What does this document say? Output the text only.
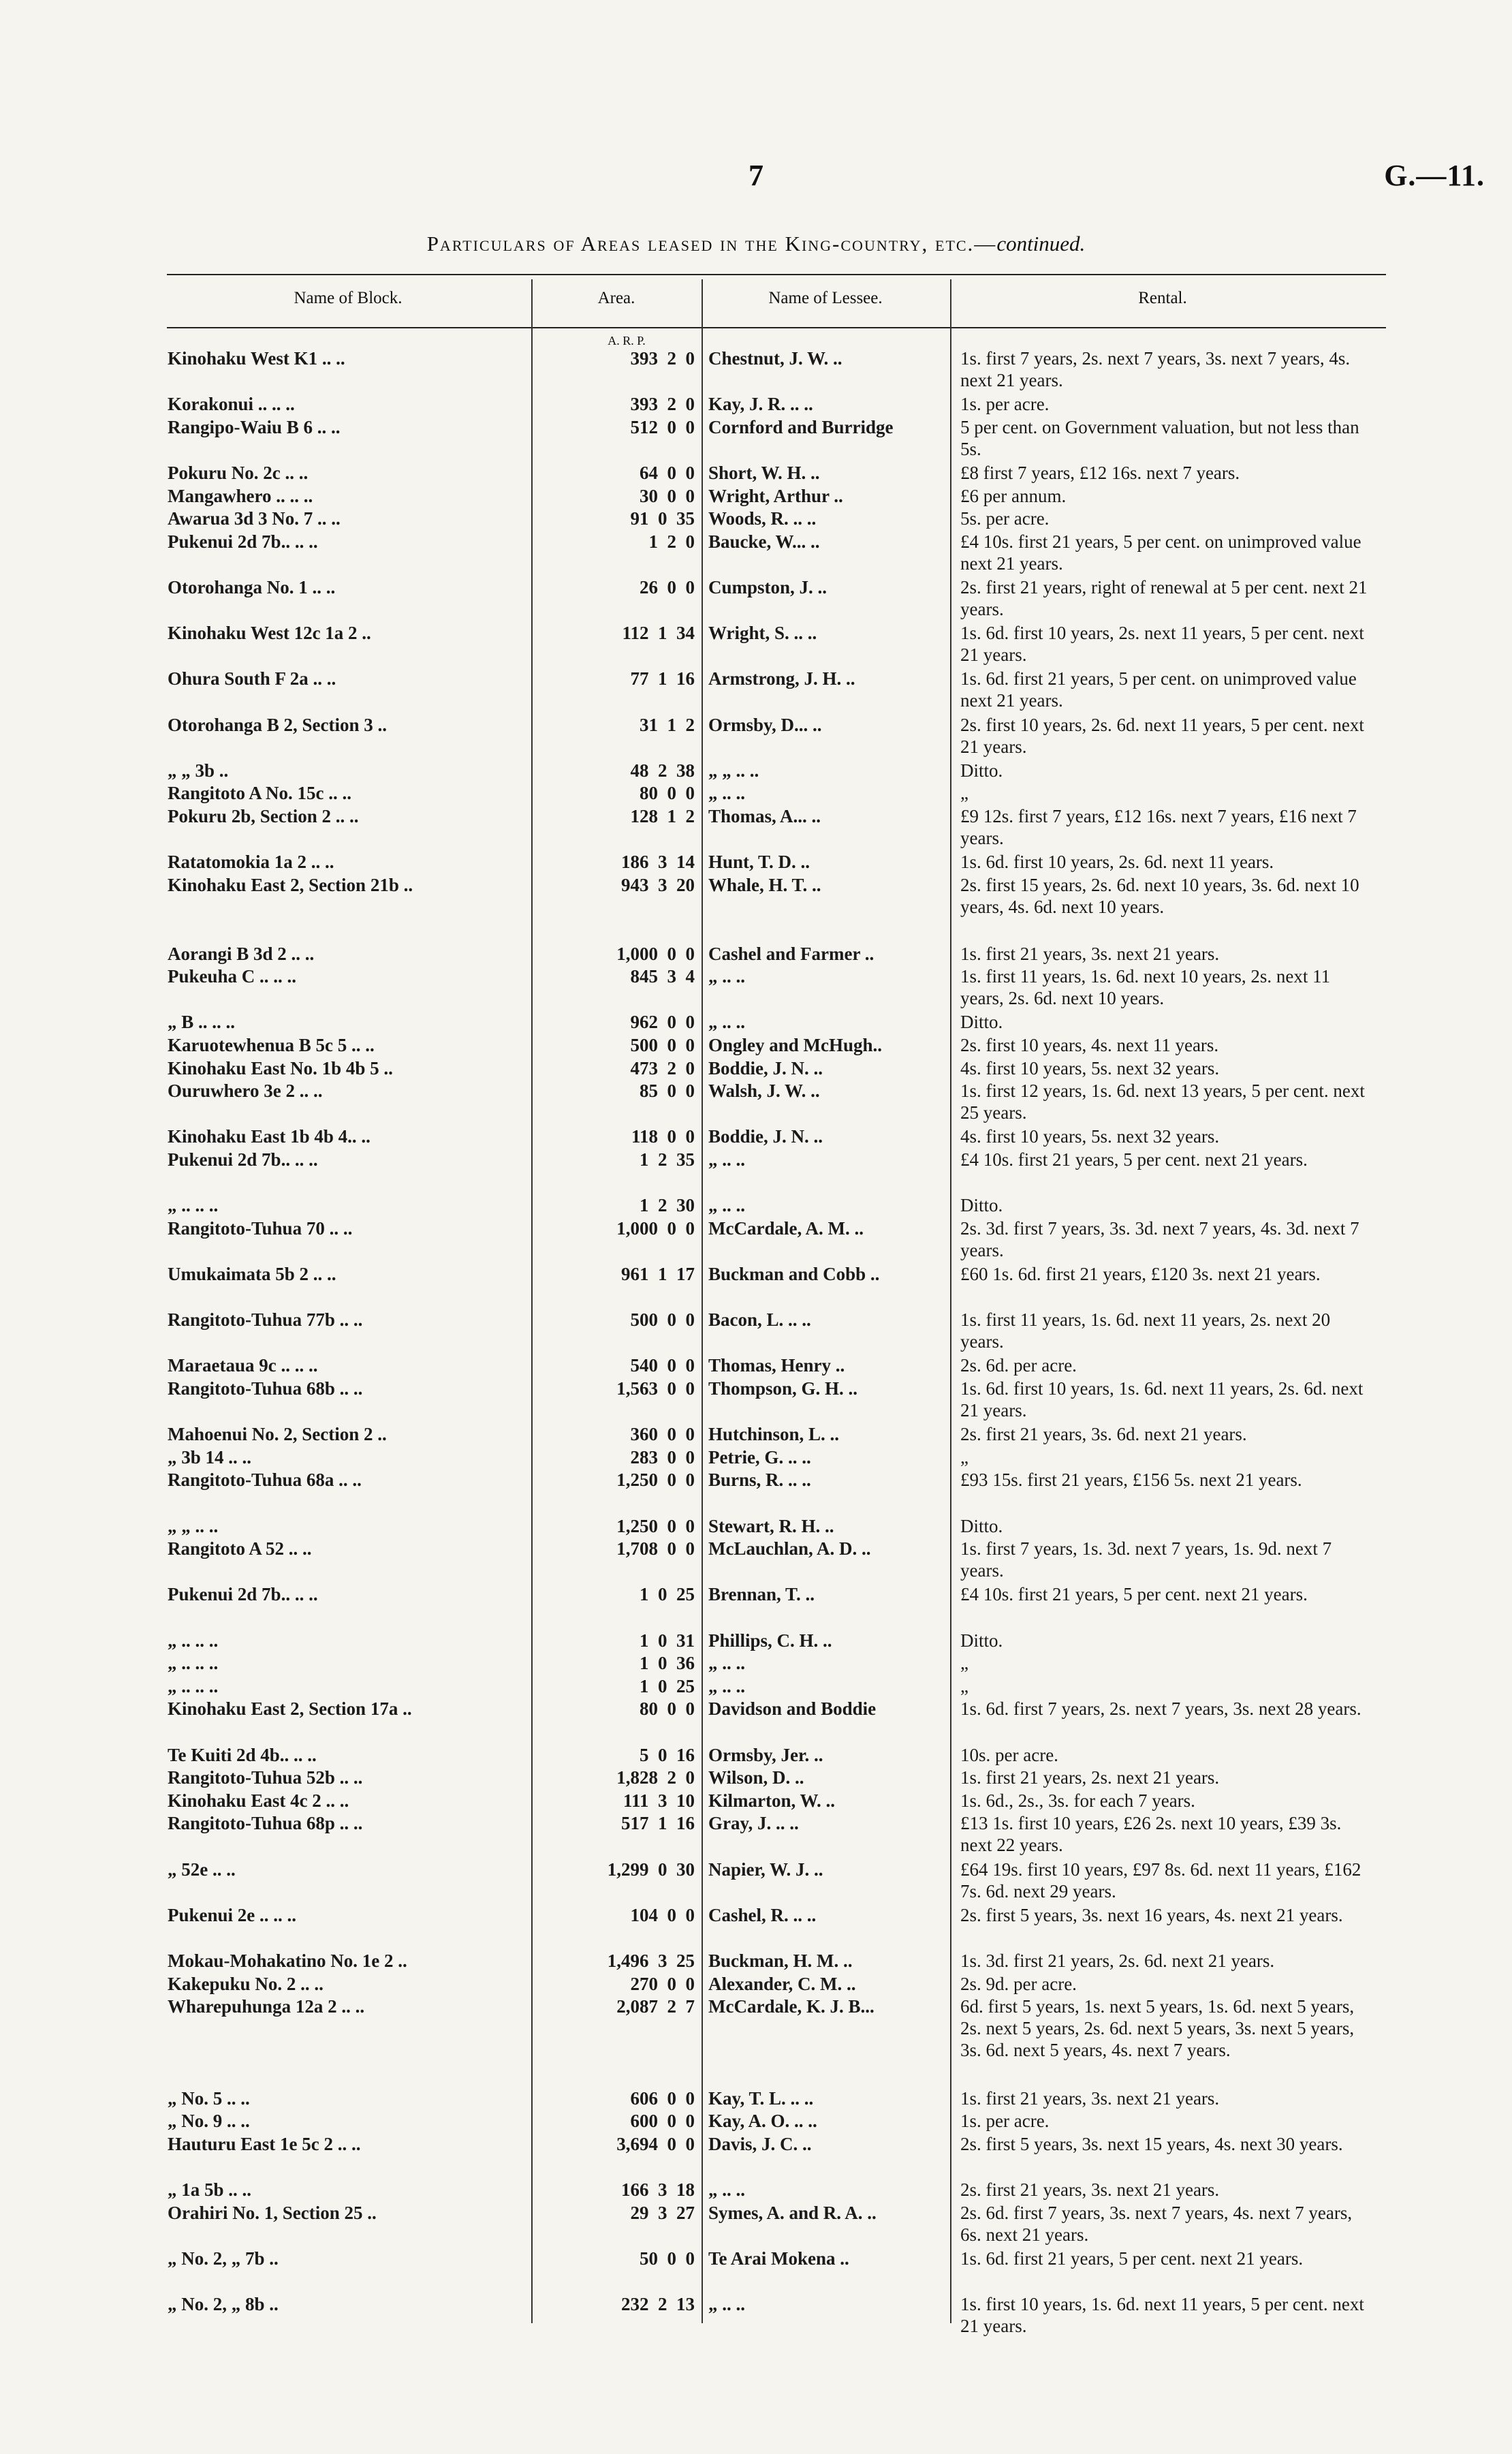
7	G.—11.
Particulars of Areas leased in the King-country, etc.—continued.
Name of Block.	Area.	Name of Lessee.	Rental.
A. R. P.
Kinohaku West K1 .. ..	393  2  0 Chestnut, J. W. ..	1s. first 7 years, 2s. next 7 years, 3s. next 7 years, 4s. next 21 years.
Korakonui .. .. ..	393  2  0 Kay, J. R. .. ..	1s. per acre.
Rangipo-Waiu B 6 .. ..	512  0  0 Cornford and Burridge	5 per cent. on Government valuation, but not less than 5s.
Pokuru No. 2c .. ..	64  0  0 Short, W. H. ..	£8 first 7 years, £12 16s. next 7 years.
Mangawhero .. .. ..	30  0  0 Wright, Arthur ..	£6 per annum.
Awarua 3d 3 No. 7 .. ..	91  0  35 Woods, R. .. ..	5s. per acre.
Pukenui 2d 7b.. .. ..	1  2  0 Baucke, W... ..	£4 10s. first 21 years, 5 per cent. on unimproved value next 21 years.
Otorohanga No. 1 .. ..	26  0  0 Cumpston, J. ..	2s. first 21 years, right of renewal at 5 per cent. next 21 years.
Kinohaku West 12c 1a 2 ..	112  1  34 Wright, S. .. ..	1s. 6d. first 10 years, 2s. next 11 years, 5 per cent. next 21 years.
Ohura South F 2a .. ..	77  1  16 Armstrong, J. H. ..	1s. 6d. first 21 years, 5 per cent. on unimproved value next 21 years.
Otorohanga B 2, Section 3 ..	31  1  2 Ormsby, D... ..	2s. first 10 years, 2s. 6d. next 11 years, 5 per cent. next 21 years.
„ „ 3b ..	48  2  38 „ „ .. ..	Ditto.
Rangitoto A No. 15c .. ..	80  0  0 „ .. ..	„
Pokuru 2b, Section 2 .. ..	128  1  2 Thomas, A... ..	£9 12s. first 7 years, £12 16s. next 7 years, £16 next 7 years.
Ratatomokia 1a 2 .. ..	186  3  14 Hunt, T. D. ..	1s. 6d. first 10 years, 2s. 6d. next 11 years.
Kinohaku East 2, Section 21b ..	943  3  20 Whale, H. T. ..	2s. first 15 years, 2s. 6d. next 10 years, 3s. 6d. next 10 years, 4s. 6d. next 10 years.
Aorangi B 3d 2 .. ..	1,000  0  0 Cashel and Farmer ..	1s. first 21 years, 3s. next 21 years.
Pukeuha C .. .. ..	845  3  4 „ .. ..	1s. first 11 years, 1s. 6d. next 10 years, 2s. next 11 years, 2s. 6d. next 10 years.
„ B .. .. ..	962  0  0 „ .. ..	Ditto.
Karuotewhenua B 5c 5 .. ..	500  0  0 Ongley and McHugh..	2s. first 10 years, 4s. next 11 years.
Kinohaku East No. 1b 4b 5 ..	473  2  0 Boddie, J. N. ..	4s. first 10 years, 5s. next 32 years.
Ouruwhero 3e 2 .. ..	85  0  0 Walsh, J. W. ..	1s. first 12 years, 1s. 6d. next 13 years, 5 per cent. next 25 years.
Kinohaku East 1b 4b 4.. ..	118  0  0 Boddie, J. N. ..	4s. first 10 years, 5s. next 32 years.
Pukenui 2d 7b.. .. ..	1  2  35 „ .. ..	£4 10s. first 21 years, 5 per cent. next 21 years.
„ .. .. ..	1  2  30 „ .. ..	Ditto.
Rangitoto-Tuhua 70 .. ..	1,000  0  0 McCardale, A. M. ..	2s. 3d. first 7 years, 3s. 3d. next 7 years, 4s. 3d. next 7 years.
Umukaimata 5b 2 .. ..	961  1  17 Buckman and Cobb ..	£60 1s. 6d. first 21 years, £120 3s. next 21 years.
Rangitoto-Tuhua 77b .. ..	500  0  0 Bacon, L. .. ..	1s. first 11 years, 1s. 6d. next 11 years, 2s. next 20 years.
Maraetaua 9c .. .. ..	540  0  0 Thomas, Henry ..	2s. 6d. per acre.
Rangitoto-Tuhua 68b .. ..	1,563  0  0 Thompson, G. H. ..	1s. 6d. first 10 years, 1s. 6d. next 11 years, 2s. 6d. next 21 years.
Mahoenui No. 2, Section 2 ..	360  0  0 Hutchinson, L. ..	2s. first 21 years, 3s. 6d. next 21 years.
„ 3b 14 .. ..	283  0  0 Petrie, G. .. ..	„
Rangitoto-Tuhua 68a .. ..	1,250  0  0 Burns, R. .. ..	£93 15s. first 21 years, £156 5s. next 21 years.
„ „ .. ..	1,250  0  0 Stewart, R. H. ..	Ditto.
Rangitoto A 52 .. ..	1,708  0  0 McLauchlan, A. D. ..	1s. first 7 years, 1s. 3d. next 7 years, 1s. 9d. next 7 years.
Pukenui 2d 7b.. .. ..	1  0  25 Brennan, T. ..	£4 10s. first 21 years, 5 per cent. next 21 years.
„ .. .. ..	1  0  31 Phillips, C. H. ..	Ditto.
„ .. .. ..	1  0  36 „ .. ..	„
„ .. .. ..	1  0  25 „ .. ..	„
Kinohaku East 2, Section 17a ..	80  0  0 Davidson and Boddie	1s. 6d. first 7 years, 2s. next 7 years, 3s. next 28 years.
Te Kuiti 2d 4b.. .. ..	5  0  16 Ormsby, Jer. ..	10s. per acre.
Rangitoto-Tuhua 52b .. ..	1,828  2  0 Wilson, D. ..	1s. first 21 years, 2s. next 21 years.
Kinohaku East 4c 2 .. ..	111  3  10 Kilmarton, W. ..	1s. 6d., 2s., 3s. for each 7 years.
Rangitoto-Tuhua 68p .. ..	517  1  16 Gray, J. .. ..	£13 1s. first 10 years, £26 2s. next 10 years, £39 3s. next 22 years.
„ 52e .. ..	1,299  0  30 Napier, W. J. ..	£64 19s. first 10 years, £97 8s. 6d. next 11 years, £162 7s. 6d. next 29 years.
Pukenui 2e .. .. ..	104  0  0 Cashel, R. .. ..	2s. first 5 years, 3s. next 16 years, 4s. next 21 years.
Mokau-Mohakatino No. 1e 2 ..	1,496  3  25 Buckman, H. M. ..	1s. 3d. first 21 years, 2s. 6d. next 21 years.
Kakepuku No. 2 .. ..	270  0  0 Alexander, C. M. ..	2s. 9d. per acre.
Wharepuhunga 12a 2 .. ..	2,087  2  7 McCardale, K. J. B...	6d. first 5 years, 1s. next 5 years, 1s. 6d. next 5 years, 2s. next 5 years, 2s. 6d. next 5 years, 3s. next 5 years, 3s. 6d. next 5 years, 4s. next 7 years.
„ No. 5 .. ..	606  0  0 Kay, T. L. .. ..	1s. first 21 years, 3s. next 21 years.
„ No. 9 .. ..	600  0  0 Kay, A. O. .. ..	1s. per acre.
Hauturu East 1e 5c 2 .. ..	3,694  0  0 Davis, J. C. ..	2s. first 5 years, 3s. next 15 years, 4s. next 30 years.
„ 1a 5b .. ..	166  3  18 „ .. ..	2s. first 21 years, 3s. next 21 years.
Orahiri No. 1, Section 25 ..	29  3  27 Symes, A. and R. A. ..	2s. 6d. first 7 years, 3s. next 7 years, 4s. next 7 years, 6s. next 21 years.
„ No. 2, „ 7b ..	50  0  0 Te Arai Mokena ..	1s. 6d. first 21 years, 5 per cent. next 21 years.
„ No. 2, „ 8b ..	232  2  13 „ .. ..	1s. first 10 years, 1s. 6d. next 11 years, 5 per cent. next 21 years.
